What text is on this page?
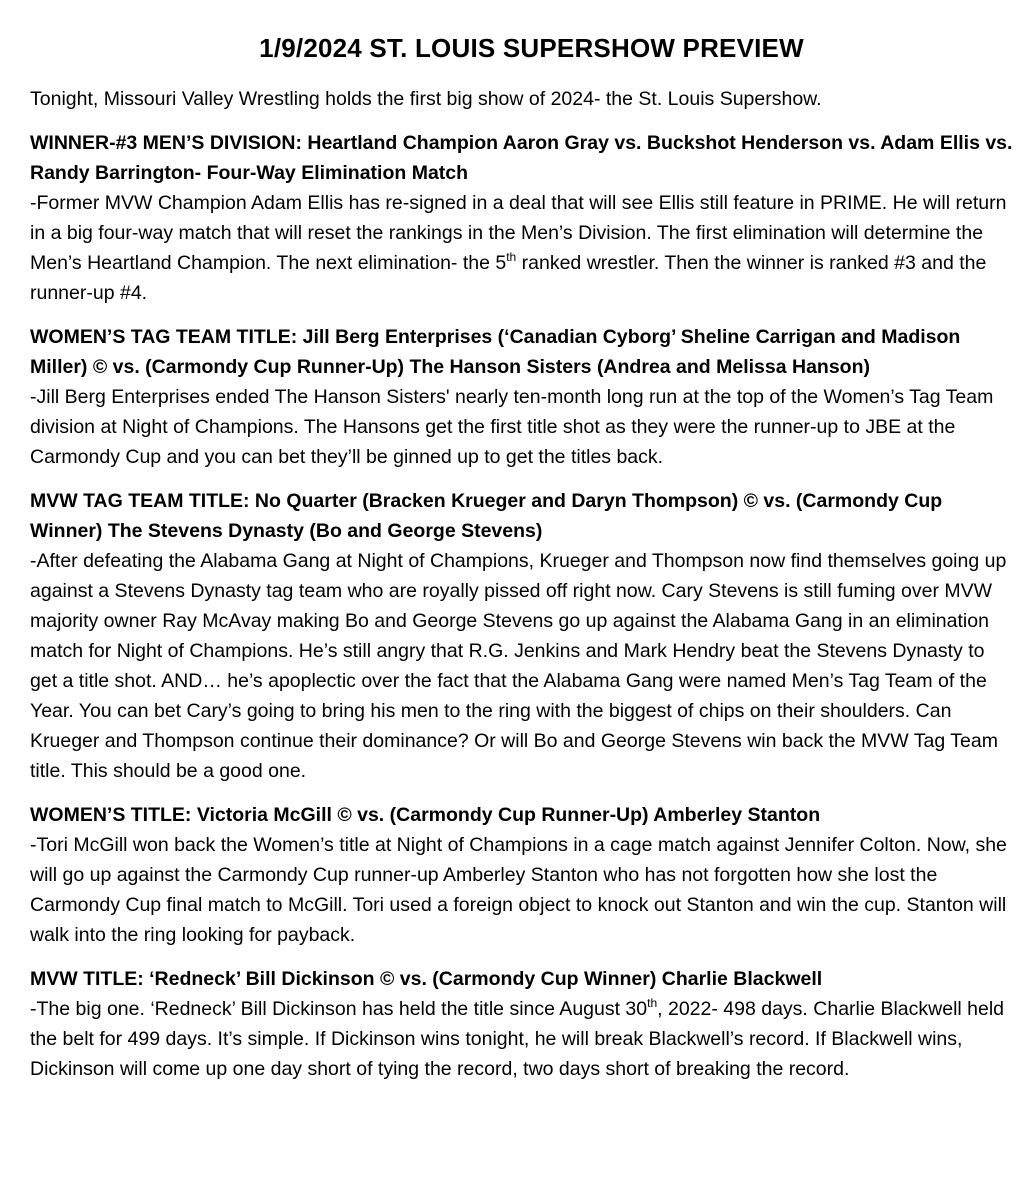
1/9/2024 ST. LOUIS SUPERSHOW PREVIEW

Tonight, Missouri Valley Wrestling holds the first big show of 2024- the St. Louis Supershow.

WINNER-#3 MEN’S DIVISION: Heartland Champion Aaron Gray vs. Buckshot Henderson vs. Adam Ellis vs. Randy Barrington- Four-Way Elimination Match

-Former MVW Champion Adam Ellis has re-signed in a deal that will see Ellis still feature in PRIME. He will return in a big four-way match that will reset the rankings in the Men’s Division. The first elimination will determine the Men’s Heartland Champion. The next elimination- the 5th ranked wrestler. Then the winner is ranked #3 and the runner-up #4.

WOMEN’S TAG TEAM TITLE: Jill Berg Enterprises (‘Canadian Cyborg’ Sheline Carrigan and Madison Miller) © vs. (Carmondy Cup Runner-Up) The Hanson Sisters (Andrea and Melissa Hanson)

-Jill Berg Enterprises ended The Hanson Sisters' nearly ten-month long run at the top of the Women’s Tag Team division at Night of Champions. The Hansons get the first title shot as they were the runner-up to JBE at the Carmondy Cup and you can bet they’ll be ginned up to get the titles back.

MVW TAG TEAM TITLE: No Quarter (Bracken Krueger and Daryn Thompson) © vs. (Carmondy Cup Winner) The Stevens Dynasty (Bo and George Stevens)

-After defeating the Alabama Gang at Night of Champions, Krueger and Thompson now find themselves going up against a Stevens Dynasty tag team who are royally pissed off right now. Cary Stevens is still fuming over MVW majority owner Ray McAvay making Bo and George Stevens go up against the Alabama Gang in an elimination match for Night of Champions. He’s still angry that R.G. Jenkins and Mark Hendry beat the Stevens Dynasty to get a title shot. AND… he’s apoplectic over the fact that the Alabama Gang were named Men’s Tag Team of the Year. You can bet Cary’s going to bring his men to the ring with the biggest of chips on their shoulders. Can Krueger and Thompson continue their dominance? Or will Bo and George Stevens win back the MVW Tag Team title. This should be a good one.

WOMEN’S TITLE: Victoria McGill © vs. (Carmondy Cup Runner-Up) Amberley Stanton

-Tori McGill won back the Women’s title at Night of Champions in a cage match against Jennifer Colton. Now, she will go up against the Carmondy Cup runner-up Amberley Stanton who has not forgotten how she lost the Carmondy Cup final match to McGill. Tori used a foreign object to knock out Stanton and win the cup. Stanton will walk into the ring looking for payback.

MVW TITLE: ‘Redneck’ Bill Dickinson © vs. (Carmondy Cup Winner) Charlie Blackwell

-The big one. ‘Redneck’ Bill Dickinson has held the title since August 30th, 2022- 498 days. Charlie Blackwell held the belt for 499 days. It’s simple. If Dickinson wins tonight, he will break Blackwell’s record. If Blackwell wins, Dickinson will come up one day short of tying the record, two days short of breaking the record.
